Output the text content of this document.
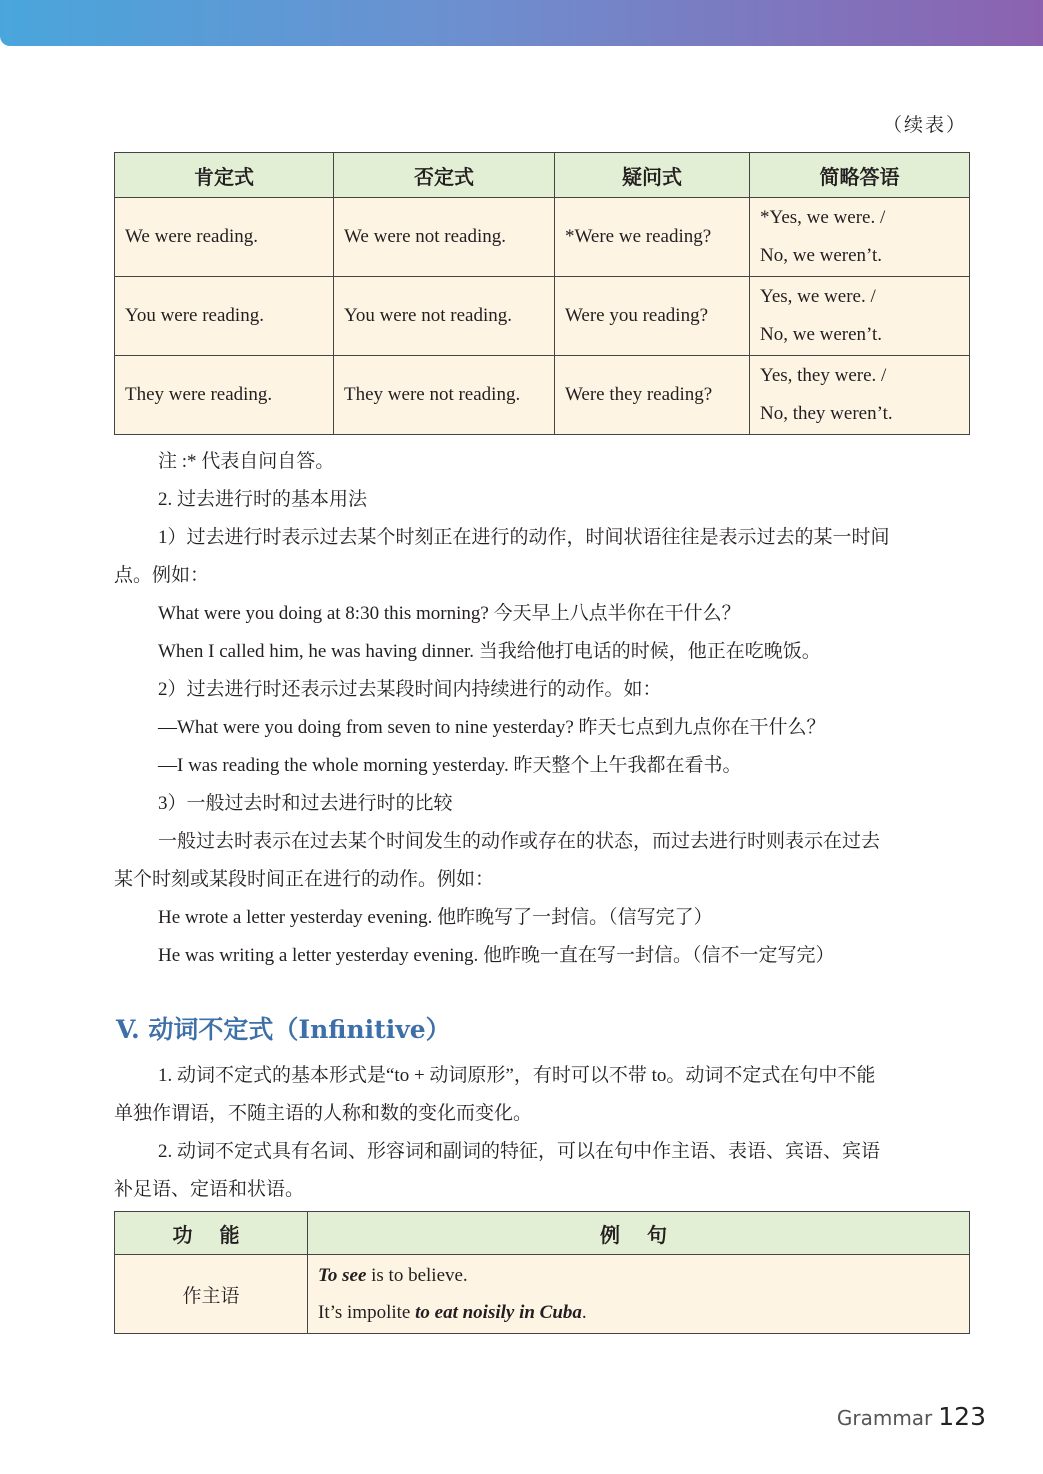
（续表）
肯定式	否定式	疑问式	简略答语
We were reading.	We were not reading.	*Were we reading?	*Yes, we were. /
No, we weren’t.

You were reading.	You were not reading.	Were you reading?	Yes, we were. /
No, we weren’t.

They were reading.	They were not reading.	Were they reading?	Yes, they were. /
No, they weren’t.

注 :* 代表自问自答。

2. 过去进行时的基本用法

1）过去进行时表示过去某个时刻正在进行的动作，时间状语往往是表示过去的某一时间

点。例如：

What were you doing at 8:30 this morning? 今天早上八点半你在干什么？

When I called him, he was having dinner. 当我给他打电话的时候，他正在吃晚饭。

2）过去进行时还表示过去某段时间内持续进行的动作。如：

—What were you doing from seven to nine yesterday? 昨天七点到九点你在干什么？

—I was reading the whole morning yesterday. 昨天整个上午我都在看书。

3）一般过去时和过去进行时的比较

一般过去时表示在过去某个时间发生的动作或存在的状态，而过去进行时则表示在过去

某个时刻或某段时间正在进行的动作。例如：

He wrote a letter yesterday evening. 他昨晚写了一封信。（信写完了）

He was writing a letter yesterday evening. 他昨晚一直在写一封信。（信不一定写完）

V. 动词不定式（Infinitive）

1. 动词不定式的基本形式是“to + 动词原形”，有时可以不带 to。动词不定式在句中不能

单独作谓语，不随主语的人称和数的变化而变化。

2. 动词不定式具有名词、形容词和副词的特征，可以在句中作主语、表语、宾语、宾语

补足语、定语和状语。

功 能	例 句
作主语	To see is to believe.
It’s impolite to eat noisily in Cuba.
Grammar 123
